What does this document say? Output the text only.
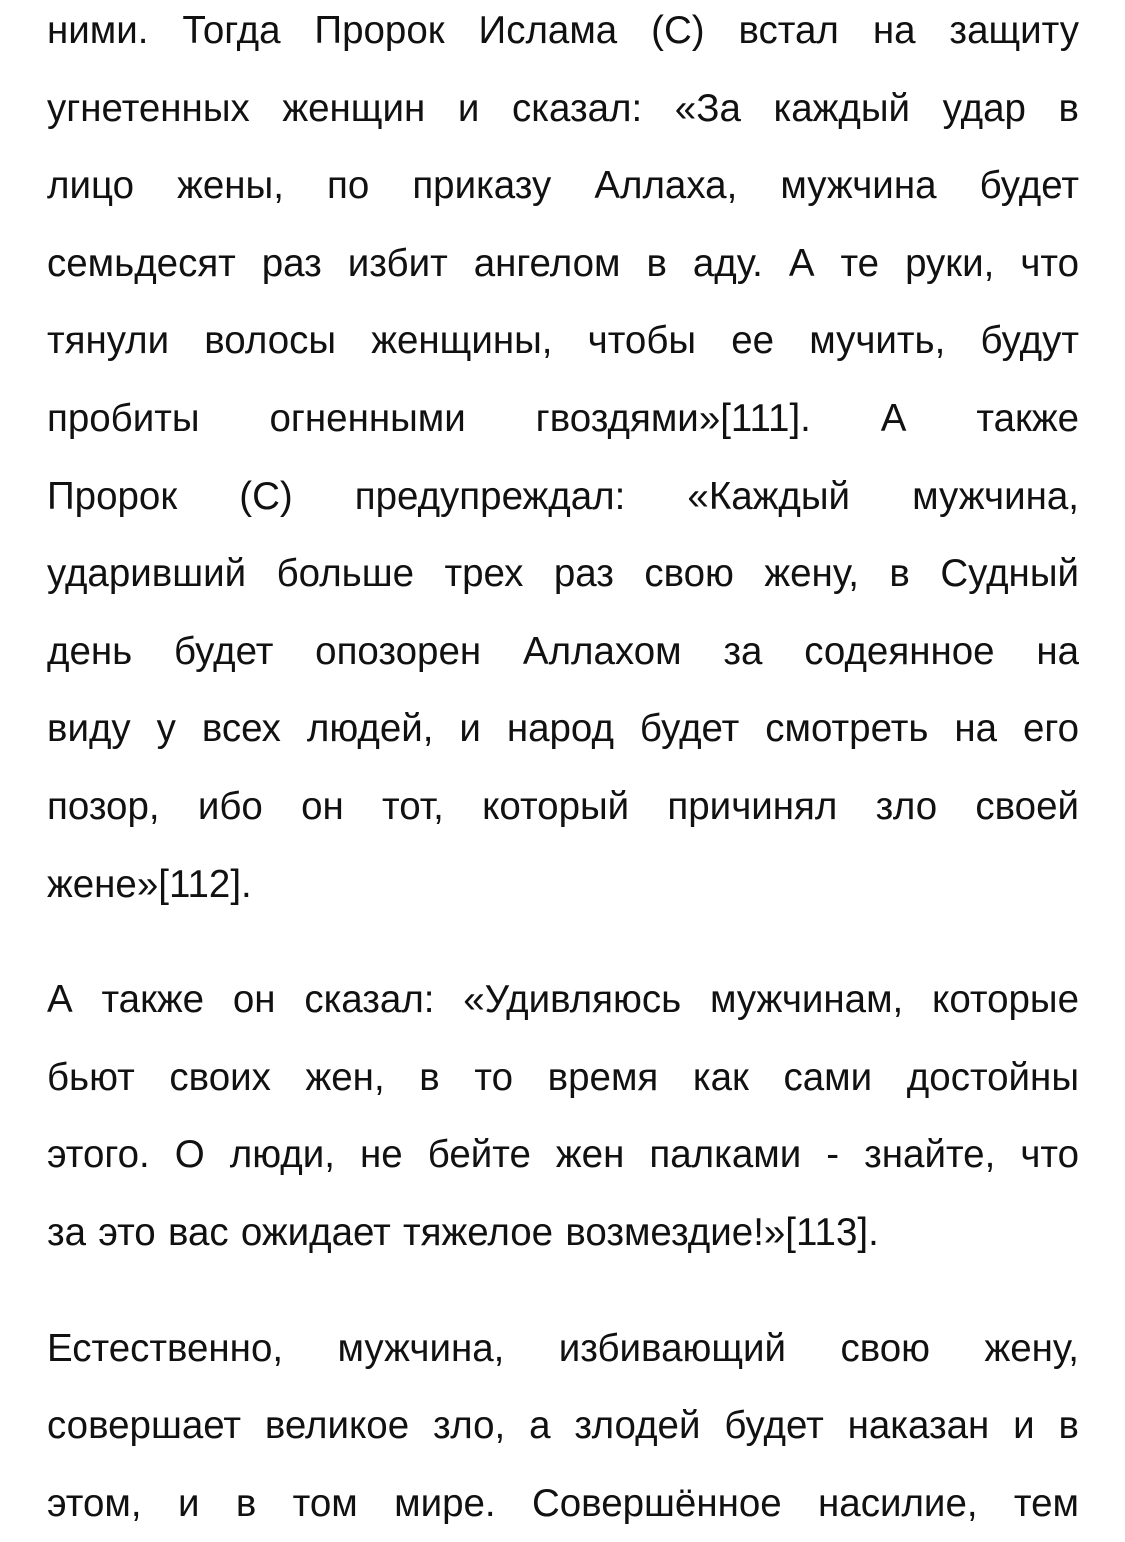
ними. Тогда Пророк Ислама (С) встал на защиту
угнетенных женщин и сказал: «За каждый удар в
лицо жены, по приказу Аллаха, мужчина будет
семьдесят раз избит ангелом в аду. А те руки, что
тянули волосы женщины, чтобы ее мучить, будут
пробиты огненными гвоздями»[111]. А также
Пророк (С) предупреждал: «Каждый мужчина,
ударивший больше трех раз свою жену, в Судный
день будет опозорен Аллахом за содеянное на
виду у всех людей, и народ будет смотреть на его
позор, ибо он тот, который причинял зло своей
жене»[112].

А также он сказал: «Удивляюсь мужчинам, которые
бьют своих жен, в то время как сами достойны
этого. О люди, не бейте жен палками - знайте, что
за это вас ожидает тяжелое возмездие!»[113].

Естественно, мужчина, избивающий свою жену,
совершает великое зло, а злодей будет наказан и в
этом, и в том мире. Совершённое насилие, тем
